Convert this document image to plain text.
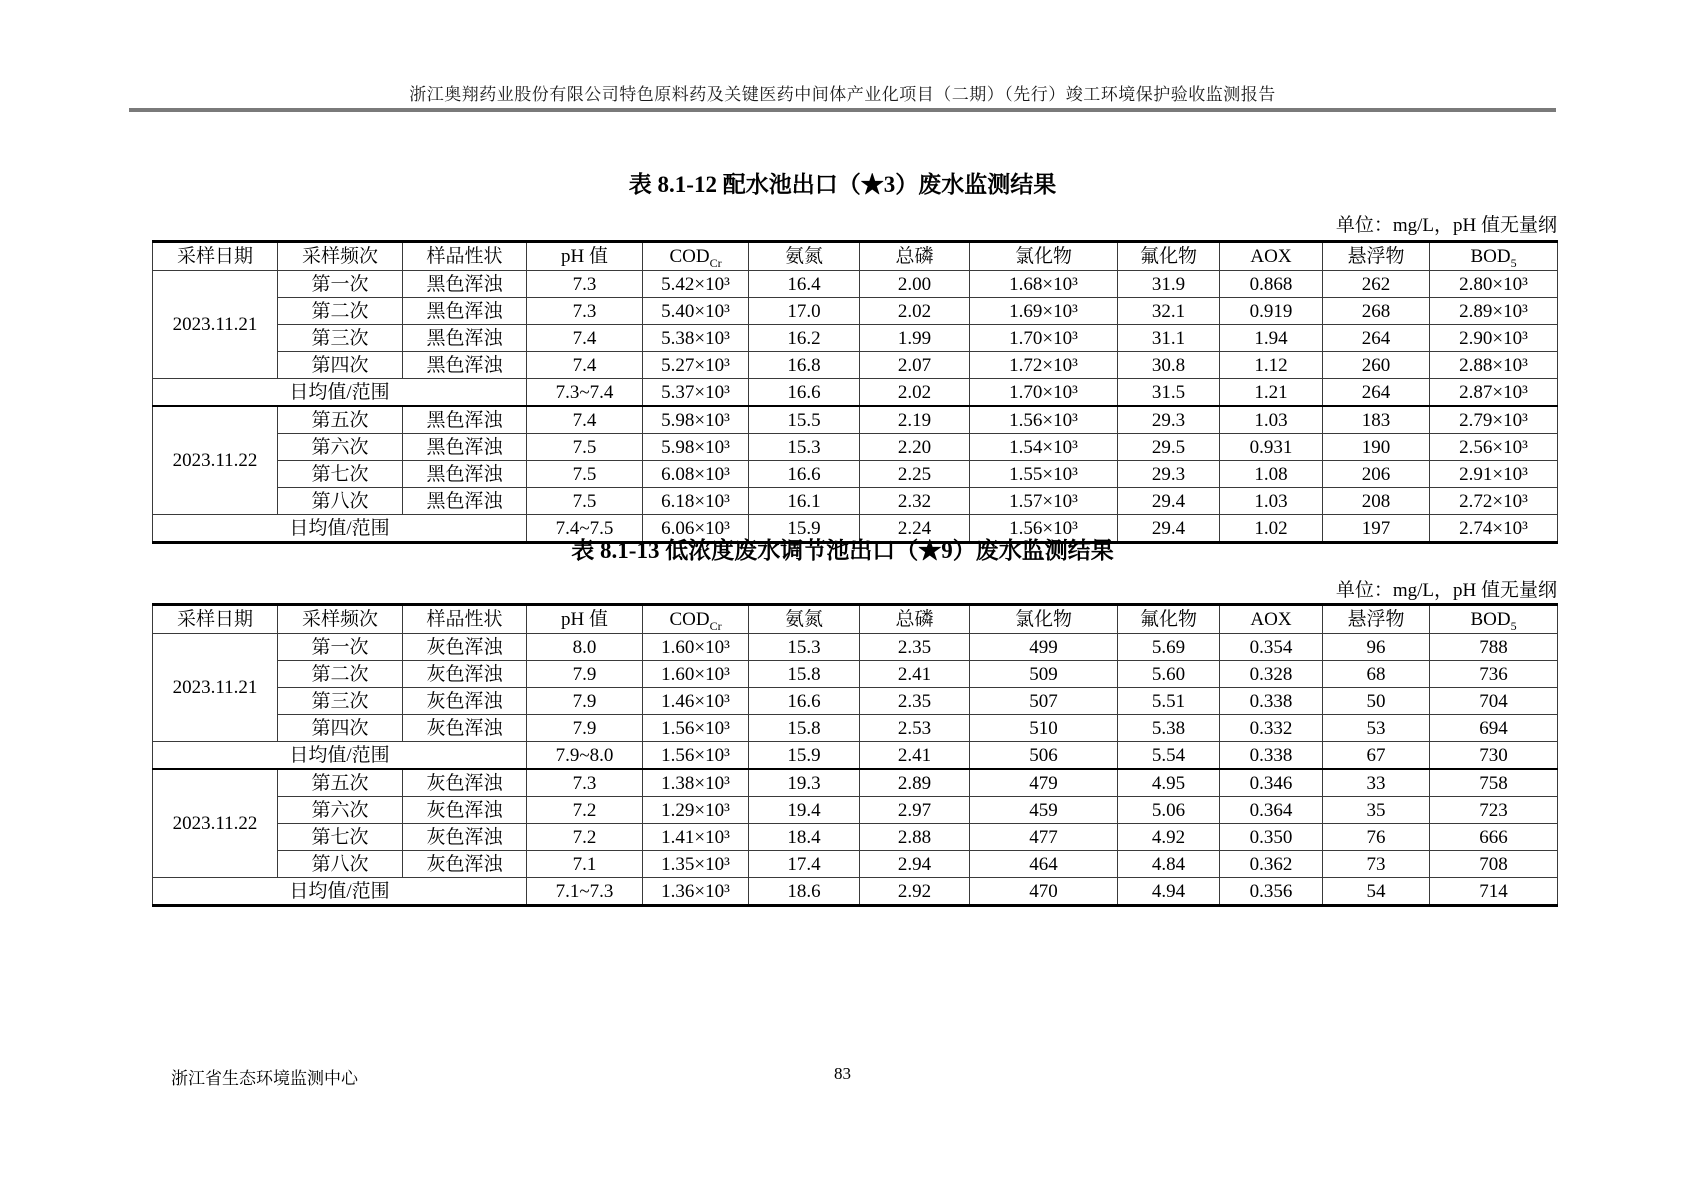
浙江奥翔药业股份有限公司特色原料药及关键医药中间体产业化项目（二期）（先行）竣工环境保护验收监测报告
表 8.1-12 配水池出口（★3）废水监测结果
单位：mg/L，pH 值无量纲
采样日期	采样频次	样品性状	pH 值	$COD_{Cr}$	氨氮	总磷	氯化物	氟化物	AOX	悬浮物	$BOD_5$
2023.11.21	第一次	黑色浑浊	7.3	5.42×10³	16.4	2.00	1.68×10³	31.9	0.868	262	2.80×10³
	第二次	黑色浑浊	7.3	5.40×10³	17.0	2.02	1.69×10³	32.1	0.919	268	2.89×10³
	第三次	黑色浑浊	7.4	5.38×10³	16.2	1.99	1.70×10³	31.1	1.94	264	2.90×10³
	第四次	黑色浑浊	7.4	5.27×10³	16.8	2.07	1.72×10³	30.8	1.12	260	2.88×10³
日均值/范围			7.3~7.4	5.37×10³	16.6	2.02	1.70×10³	31.5	1.21	264	2.87×10³
2023.11.22	第五次	黑色浑浊	7.4	5.98×10³	15.5	2.19	1.56×10³	29.3	1.03	183	2.79×10³
	第六次	黑色浑浊	7.5	5.98×10³	15.3	2.20	1.54×10³	29.5	0.931	190	2.56×10³
	第七次	黑色浑浊	7.5	6.08×10³	16.6	2.25	1.55×10³	29.3	1.08	206	2.91×10³
	第八次	黑色浑浊	7.5	6.18×10³	16.1	2.32	1.57×10³	29.4	1.03	208	2.72×10³
日均值/范围			7.4~7.5	6.06×10³	15.9	2.24	1.56×10³	29.4	1.02	197	2.74×10³
表 8.1-13 低浓度废水调节池出口（★9）废水监测结果
单位：mg/L，pH 值无量纲
采样日期	采样频次	样品性状	pH 值	$COD_{Cr}$	氨氮	总磷	氯化物	氟化物	AOX	悬浮物	$BOD_5$
2023.11.21	第一次	灰色浑浊	8.0	1.60×10³	15.3	2.35	499	5.69	0.354	96	788
	第二次	灰色浑浊	7.9	1.60×10³	15.8	2.41	509	5.60	0.328	68	736
	第三次	灰色浑浊	7.9	1.46×10³	16.6	2.35	507	5.51	0.338	50	704
	第四次	灰色浑浊	7.9	1.56×10³	15.8	2.53	510	5.38	0.332	53	694
日均值/范围			7.9~8.0	1.56×10³	15.9	2.41	506	5.54	0.338	67	730
2023.11.22	第五次	灰色浑浊	7.3	1.38×10³	19.3	2.89	479	4.95	0.346	33	758
	第六次	灰色浑浊	7.2	1.29×10³	19.4	2.97	459	5.06	0.364	35	723
	第七次	灰色浑浊	7.2	1.41×10³	18.4	2.88	477	4.92	0.350	76	666
	第八次	灰色浑浊	7.1	1.35×10³	17.4	2.94	464	4.84	0.362	73	708
日均值/范围			7.1~7.3	1.36×10³	18.6	2.92	470	4.94	0.356	54	714
浙江省生态环境监测中心	83
